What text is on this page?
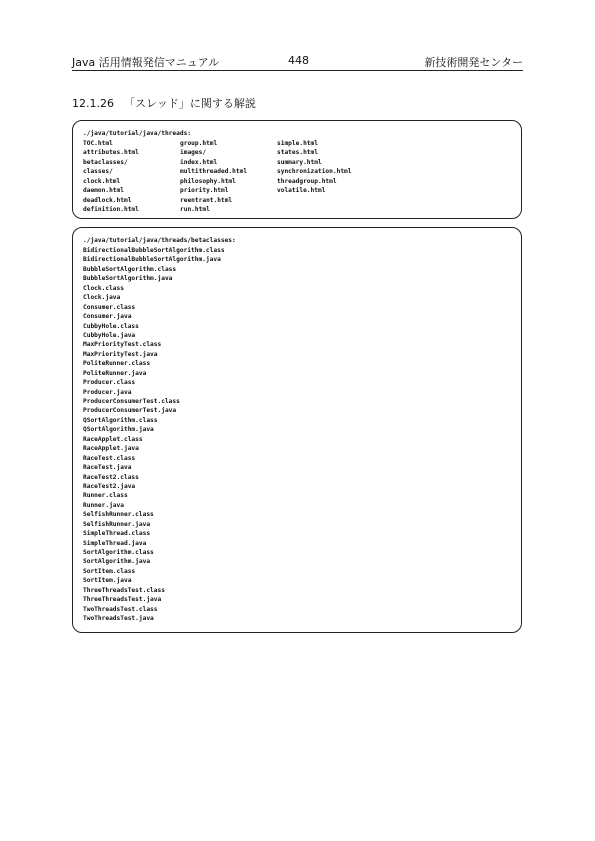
Java 活用情報発信マニュアル	448	新技術開発センター
12.1.26 「スレッド」に関する解説
./java/tutorial/java/threads:
TOC.html
attributes.html
betaclasses/
classes/
clock.html
daemon.html
deadlock.html
definition.html
group.html
images/
index.html
multithreaded.html
philosophy.html
priority.html
reentrant.html
run.html
simple.html
states.html
summary.html
synchronization.html
threadgroup.html
volatile.html
./java/tutorial/java/threads/betaclasses:
BidirectionalBubbleSortAlgorithm.class
BidirectionalBubbleSortAlgorithm.java
BubbleSortAlgorithm.class
BubbleSortAlgorithm.java
Clock.class
Clock.java
Consumer.class
Consumer.java
CubbyHole.class
CubbyHole.java
MaxPriorityTest.class
MaxPriorityTest.java
PoliteRunner.class
PoliteRunner.java
Producer.class
Producer.java
ProducerConsumerTest.class
ProducerConsumerTest.java
QSortAlgorithm.class
QSortAlgorithm.java
RaceApplet.class
RaceApplet.java
RaceTest.class
RaceTest.java
RaceTest2.class
RaceTest2.java
Runner.class
Runner.java
SelfishRunner.class
SelfishRunner.java
SimpleThread.class
SimpleThread.java
SortAlgorithm.class
SortAlgorithm.java
SortItem.class
SortItem.java
ThreeThreadsTest.class
ThreeThreadsTest.java
TwoThreadsTest.class
TwoThreadsTest.java
